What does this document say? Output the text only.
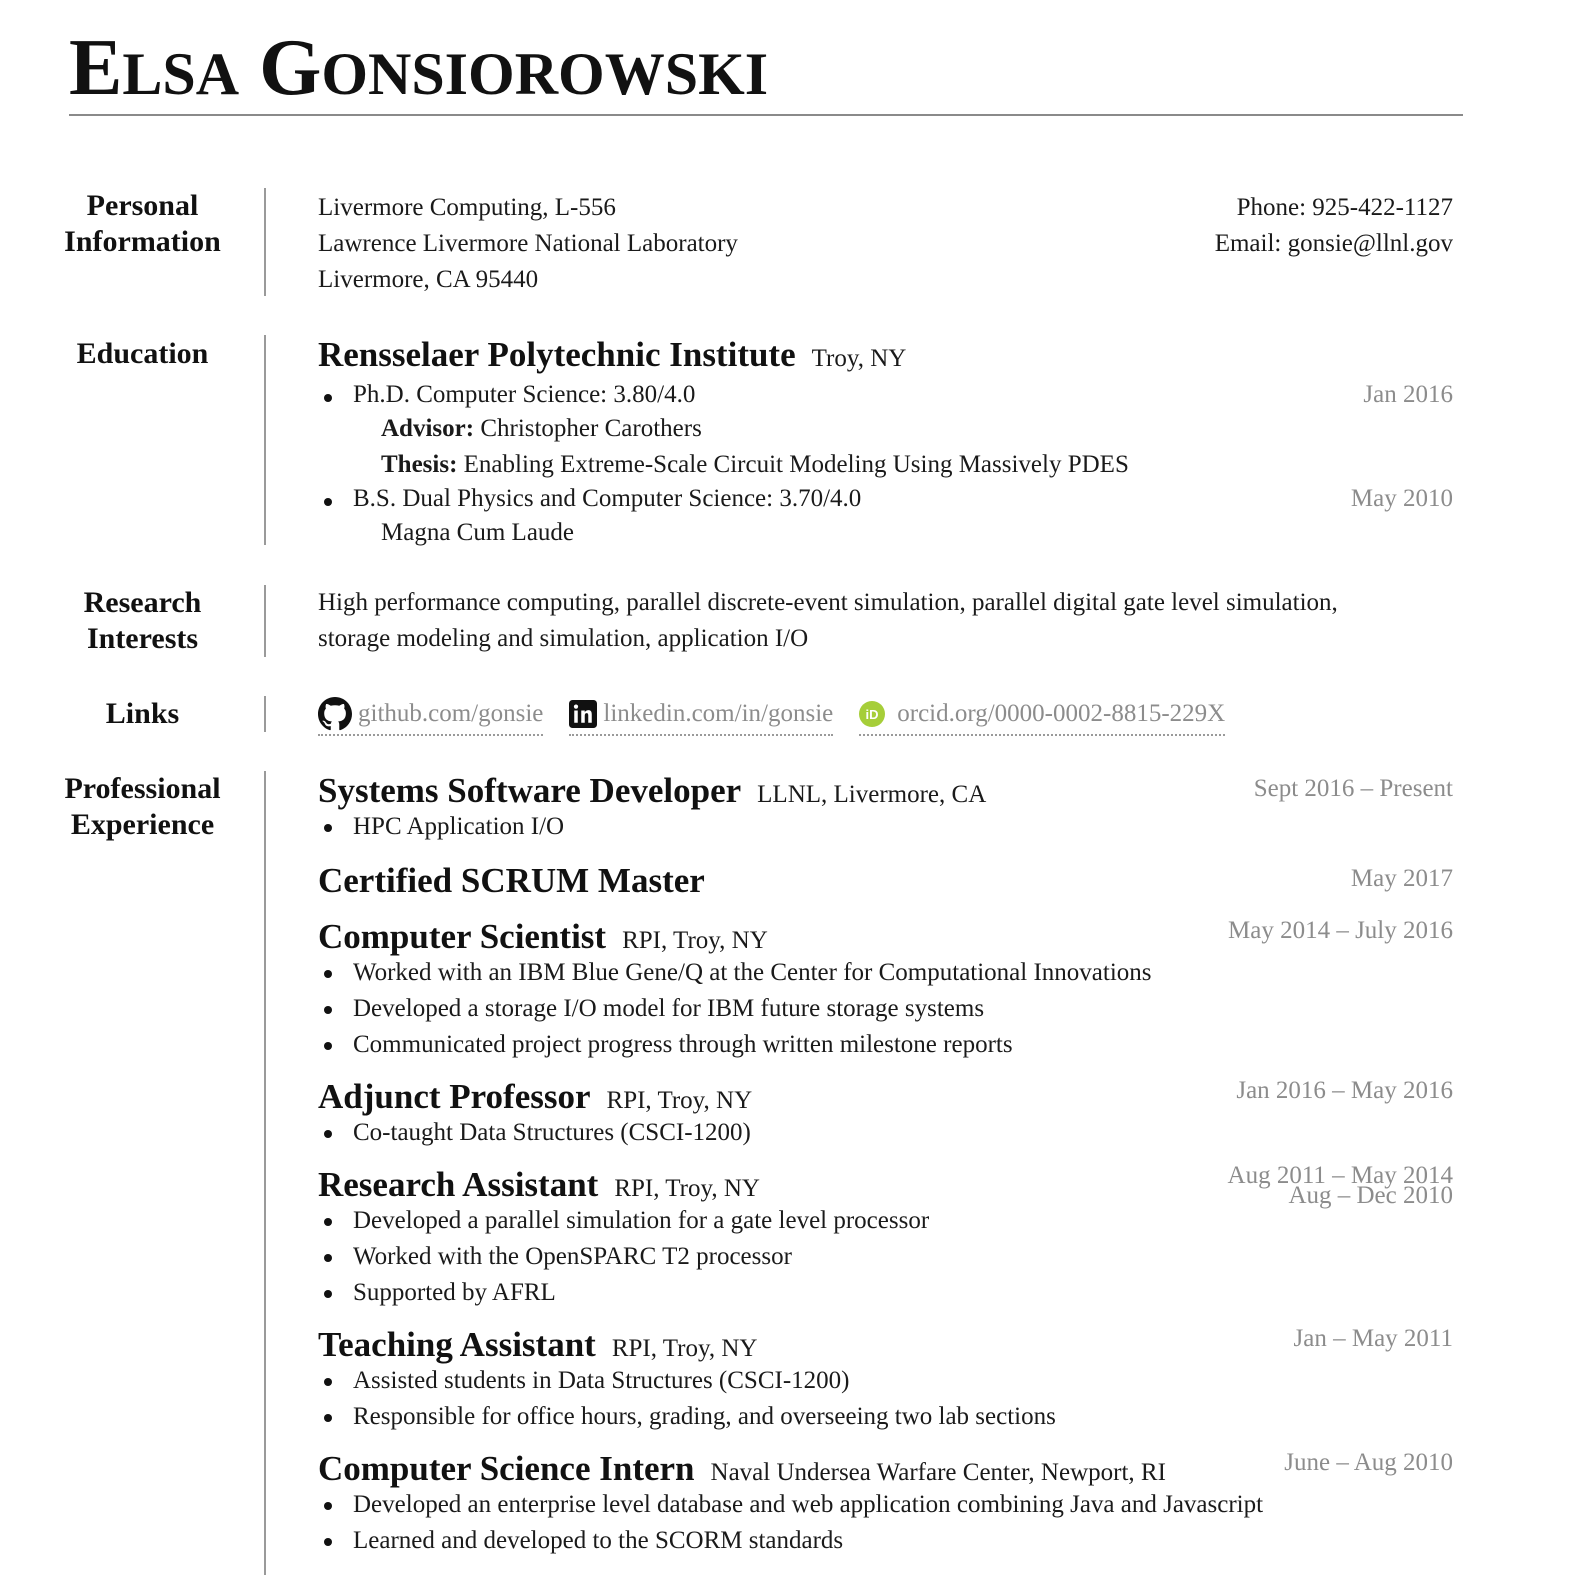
ELSA GONSIOROWSKI
Personal
Information
Livermore Computing, L-556
Lawrence Livermore National Laboratory
Livermore, CA 95440
Phone: 925-422-1127
Email: gonsie@llnl.gov
Education	Rensselaer Polytechnic Institute Troy, NY
Ph.D. Computer Science: 3.80/4.0	Jan 2016
Advisor: Christopher Carothers
Thesis: Enabling Extreme-Scale Circuit Modeling Using Massively PDES
B.S. Dual Physics and Computer Science: 3.70/4.0	May 2010
Magna Cum Laude
Research
Interests
High performance computing, parallel discrete-event simulation, parallel digital gate level simulation,
storage modeling and simulation, application I/O
Links	github.com/gonsie linkedin.com/in/gonsie	iD orcid.org/0000-0002-8815-229X
Professional
Experience
Systems Software Developer LLNL, Livermore, CA	Sept 2016 – Present
HPC Application I/O
Certified SCRUM Master	May 2017
Computer Scientist RPI, Troy, NY	May 2014 – July 2016
Worked with an IBM Blue Gene/Q at the Center for Computational Innovations
Developed a storage I/O model for IBM future storage systems
Communicated project progress through written milestone reports
Adjunct Professor RPI, Troy, NY	Jan 2016 – May 2016
Co-taught Data Structures (CSCI-1200)
Research Assistant RPI, Troy, NY	Aug 2011 – May 2014
Aug – Dec 2010
Developed a parallel simulation for a gate level processor
Worked with the OpenSPARC T2 processor
Supported by AFRL
Teaching Assistant RPI, Troy, NY	Jan – May 2011
Assisted students in Data Structures (CSCI-1200)
Responsible for office hours, grading, and overseeing two lab sections
Computer Science Intern Naval Undersea Warfare Center, Newport, RI	June – Aug 2010
Developed an enterprise level database and web application combining Java and Javascript
Learned and developed to the SCORM standards
